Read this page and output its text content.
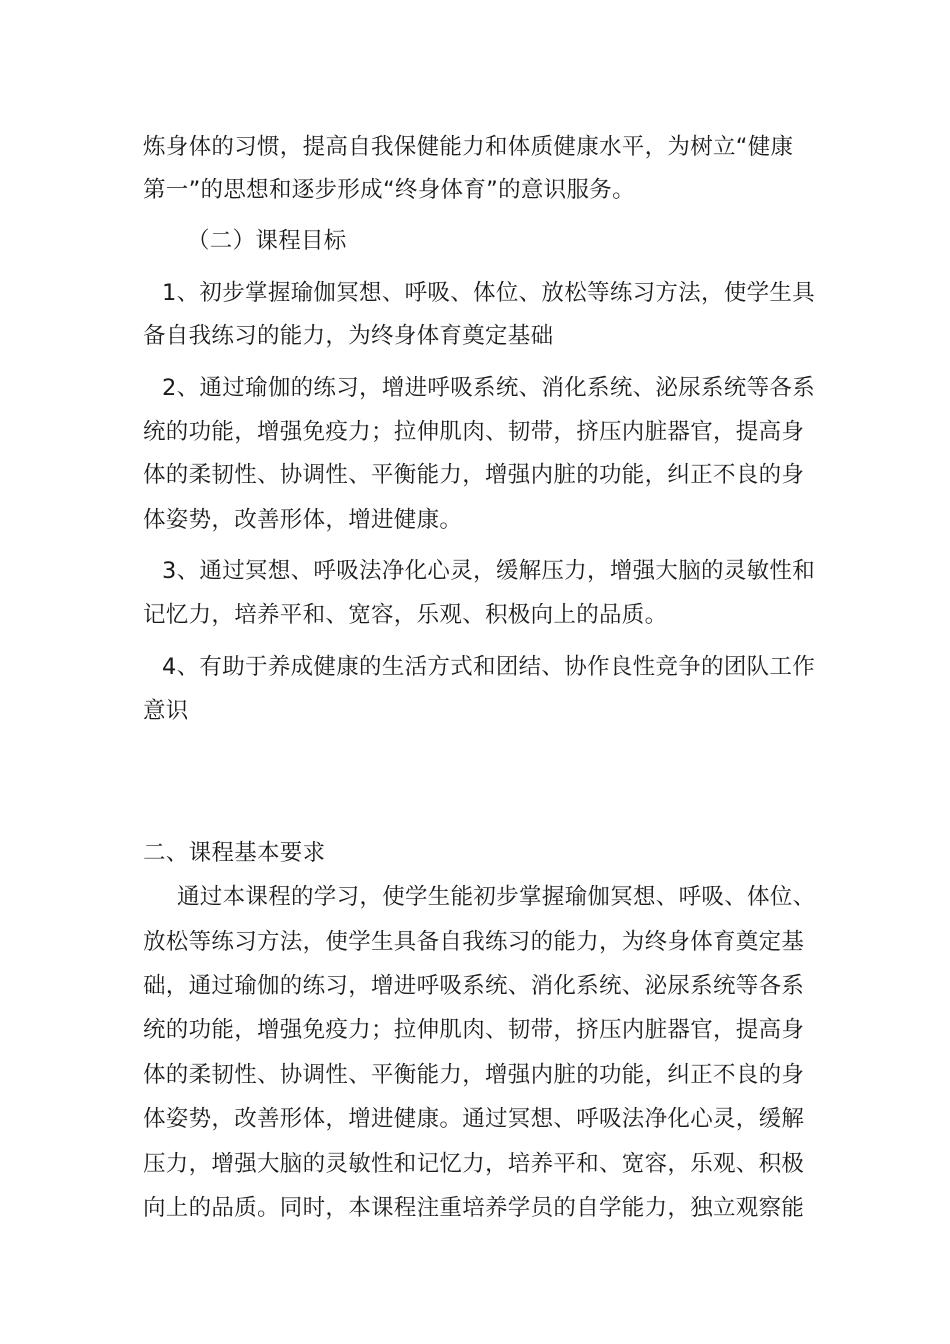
炼身体的习惯，提高自我保健能力和体质健康水平，为树立“健康
第一”的思想和逐步形成“终身体育”的意识服务。
（二）课程目标
1、初步掌握瑜伽冥想、呼吸、体位、放松等练习方法，使学生具
备自我练习的能力，为终身体育奠定基础
2、通过瑜伽的练习，增进呼吸系统、消化系统、泌尿系统等各系
统的功能，增强免疫力；拉伸肌肉、韧带，挤压内脏器官，提高身
体的柔韧性、协调性、平衡能力，增强内脏的功能，纠正不良的身
体姿势，改善形体，增进健康。
3、通过冥想、呼吸法净化心灵，缓解压力，增强大脑的灵敏性和
记忆力，培养平和、宽容，乐观、积极向上的品质。
4、有助于养成健康的生活方式和团结、协作良性竞争的团队工作
意识
二、课程基本要求
通过本课程的学习，使学生能初步掌握瑜伽冥想、呼吸、体位、
放松等练习方法，使学生具备自我练习的能力，为终身体育奠定基
础，通过瑜伽的练习，增进呼吸系统、消化系统、泌尿系统等各系
统的功能，增强免疫力；拉伸肌肉、韧带，挤压内脏器官，提高身
体的柔韧性、协调性、平衡能力，增强内脏的功能，纠正不良的身
体姿势，改善形体，增进健康。通过冥想、呼吸法净化心灵，缓解
压力，增强大脑的灵敏性和记忆力，培养平和、宽容，乐观、积极
向上的品质。同时，本课程注重培养学员的自学能力，独立观察能
